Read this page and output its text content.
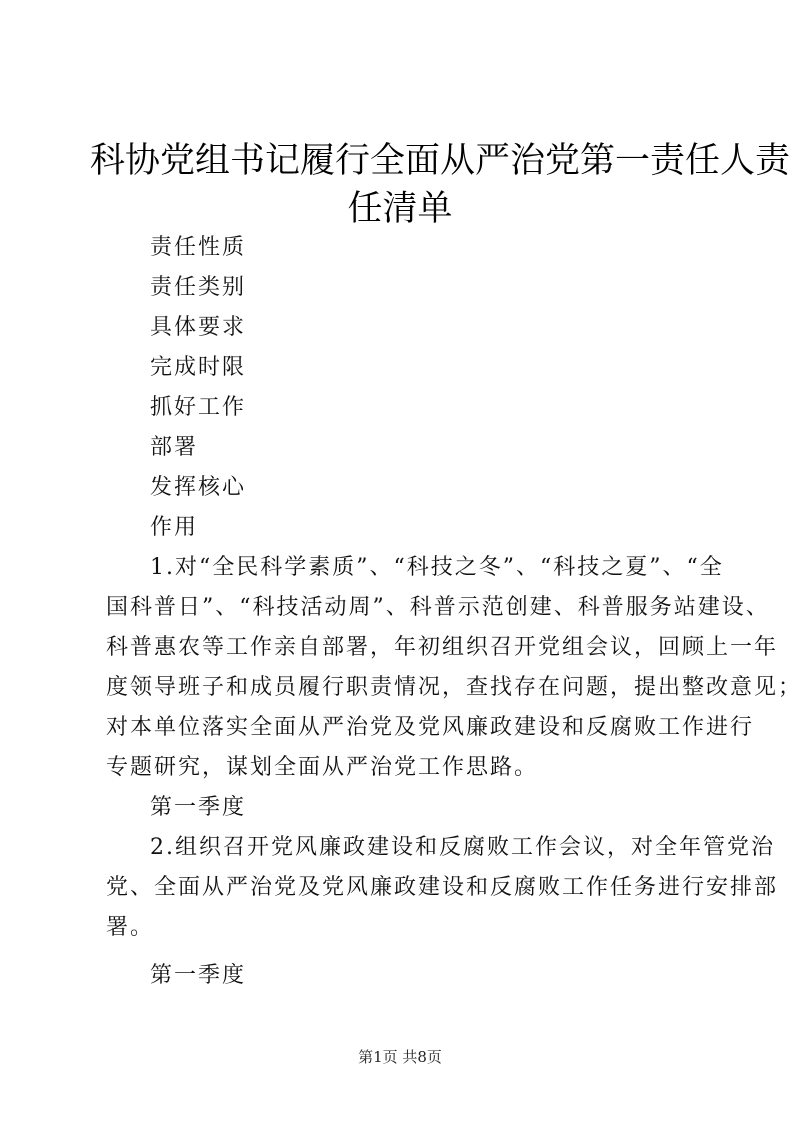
科协党组书记履行全面从严治党第一责任人责
任清单

责任性质

责任类别

具体要求

完成时限

抓好工作

部署

发挥核心

作用

1.对“全民科学素质”、“科技之冬”、“科技之夏”、“全
国科普日”、“科技活动周”、科普示范创建、科普服务站建设、
科普惠农等工作亲自部署，年初组织召开党组会议，回顾上一年
度领导班子和成员履行职责情况，查找存在问题，提出整改意见；
对本单位落实全面从严治党及党风廉政建设和反腐败工作进行
专题研究，谋划全面从严治党工作思路。

第一季度

2.组织召开党风廉政建设和反腐败工作会议，对全年管党治
党、全面从严治党及党风廉政建设和反腐败工作任务进行安排部
署。

第一季度

第1页 共8页
